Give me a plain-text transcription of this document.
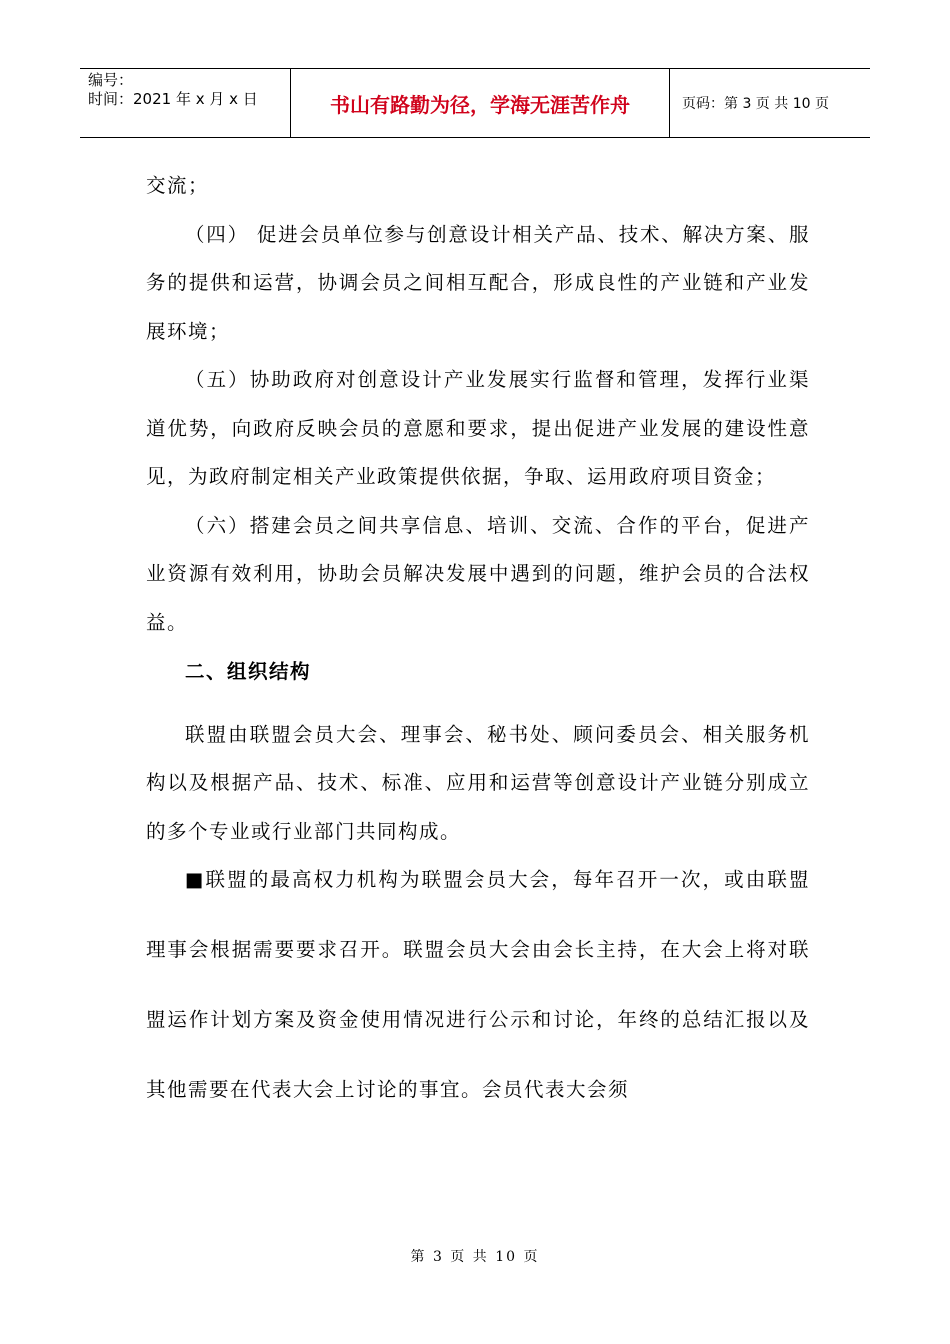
编号：
时间：2021 年 x 月 x 日	书山有路勤为径，学海无涯苦作舟	页码：第 3 页 共 10 页

交流；

（四） 促进会员单位参与创意设计相关产品、技术、解决方案、服务的提供和运营，协调会员之间相互配合，形成良性的产业链和产业发展环境；

（五）协助政府对创意设计产业发展实行监督和管理，发挥行业渠道优势，向政府反映会员的意愿和要求，提出促进产业发展的建设性意见，为政府制定相关产业政策提供依据，争取、运用政府项目资金；

（六）搭建会员之间共享信息、培训、交流、合作的平台，促进产业资源有效利用，协助会员解决发展中遇到的问题，维护会员的合法权益。

二、组织结构

联盟由联盟会员大会、理事会、秘书处、顾问委员会、相关服务机构以及根据产品、技术、标准、应用和运营等创意设计产业链分别成立的多个专业或行业部门共同构成。

■联盟的最高权力机构为联盟会员大会，每年召开一次，或由联盟理事会根据需要要求召开。联盟会员大会由会长主持，在大会上将对联盟运作计划方案及资金使用情况进行公示和讨论，年终的总结汇报以及其他需要在代表大会上讨论的事宜。会员代表大会须

第 3 页 共 10 页
